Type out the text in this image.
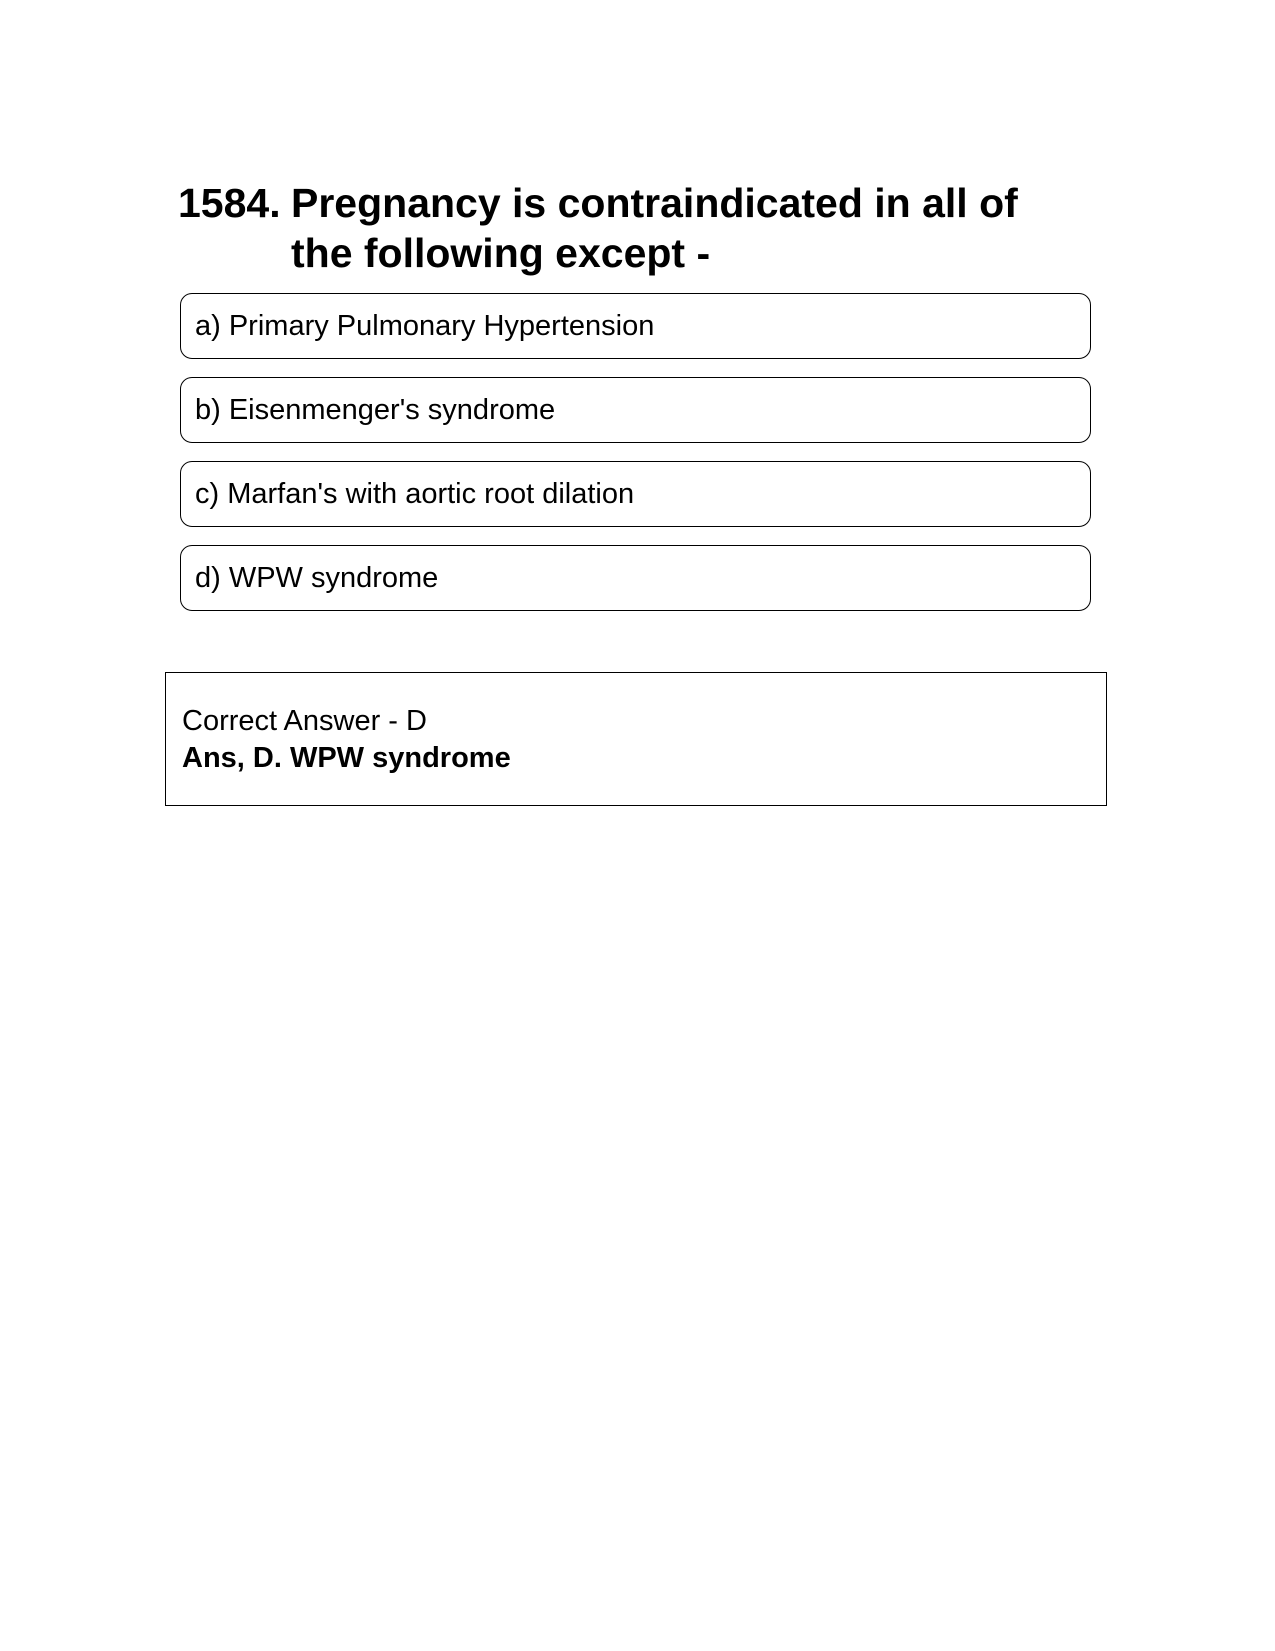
1584. Pregnancy is contraindicated in all of the following except -
a) Primary Pulmonary Hypertension
b) Eisenmenger's syndrome
c) Marfan's with aortic root dilation
d) WPW syndrome
Correct Answer - D
Ans, D. WPW syndrome
